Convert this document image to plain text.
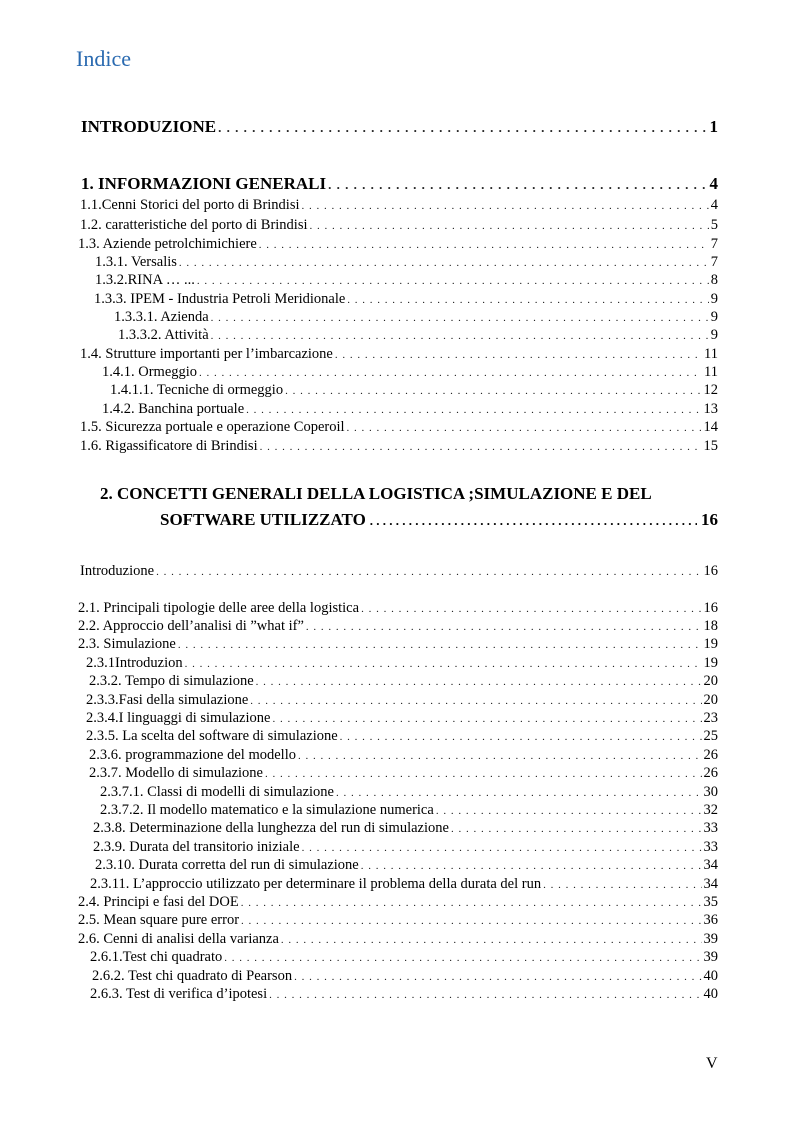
Indice
INTRODUZIONE . . .	1
1. INFORMAZIONI GENERALI . . .	4
1.1.Cenni Storici del porto di Brindisi . . .	4
1.2. caratteristiche del porto di Brindisi . . .	5
1.3. Aziende petrolchimichiere . . .	7
1.3.1. Versalis . . .	7
1.3.2.RINA … ... . . .	8
1.3.3. IPEM - Industria Petroli Meridionale . . .	9
1.3.3.1. Azienda . . .	9
1.3.3.2. Attività . . .	9
1.4. Strutture importanti per l’imbarcazione . . .	11
1.4.1. Ormeggio . . .	11
1.4.1.1. Tecniche di ormeggio . . .	12
1.4.2. Banchina portuale . . .	13
1.5. Sicurezza portuale e operazione Coperoil . . .	14
1.6. Rigassificatore di Brindisi . . .	15
2. CONCETTI GENERALI DELLA LOGISTICA ;SIMULAZIONE E DEL
SOFTWARE UTILIZZATO . . .	16
Introduzione . . .	16
2.1. Principali tipologie delle aree della logistica . . .	16
2.2. Approccio dell’analisi di ”what if” . . .	18
2.3. Simulazione . . .	19
2.3.1Introduzion . . .	19
2.3.2. Tempo di simulazione . . .	20
2.3.3.Fasi della simulazione . . .	20
2.3.4.I linguaggi di simulazione . . .	23
2.3.5. La scelta del software di simulazione . . .	25
2.3.6. programmazione del modello . . .	26
2.3.7. Modello di simulazione . . .	26
2.3.7.1. Classi di modelli di simulazione . . .	30
2.3.7.2. Il modello matematico e la simulazione numerica . . .	32
2.3.8. Determinazione della lunghezza del run di simulazione . . .	33
2.3.9. Durata del transitorio iniziale . . .	33
2.3.10. Durata corretta del run di simulazione . . .	34
2.3.11. L’approccio utilizzato per determinare il problema della durata del run . . .	34
2.4. Principi e fasi del DOE . . .	35
2.5. Mean square pure error . . .	36
2.6. Cenni di analisi della varianza . . .	39
2.6.1.Test chi quadrato . . .	39
2.6.2. Test chi quadrato di Pearson . . .	40
2.6.3. Test di verifica d’ipotesi . . .	40
V
